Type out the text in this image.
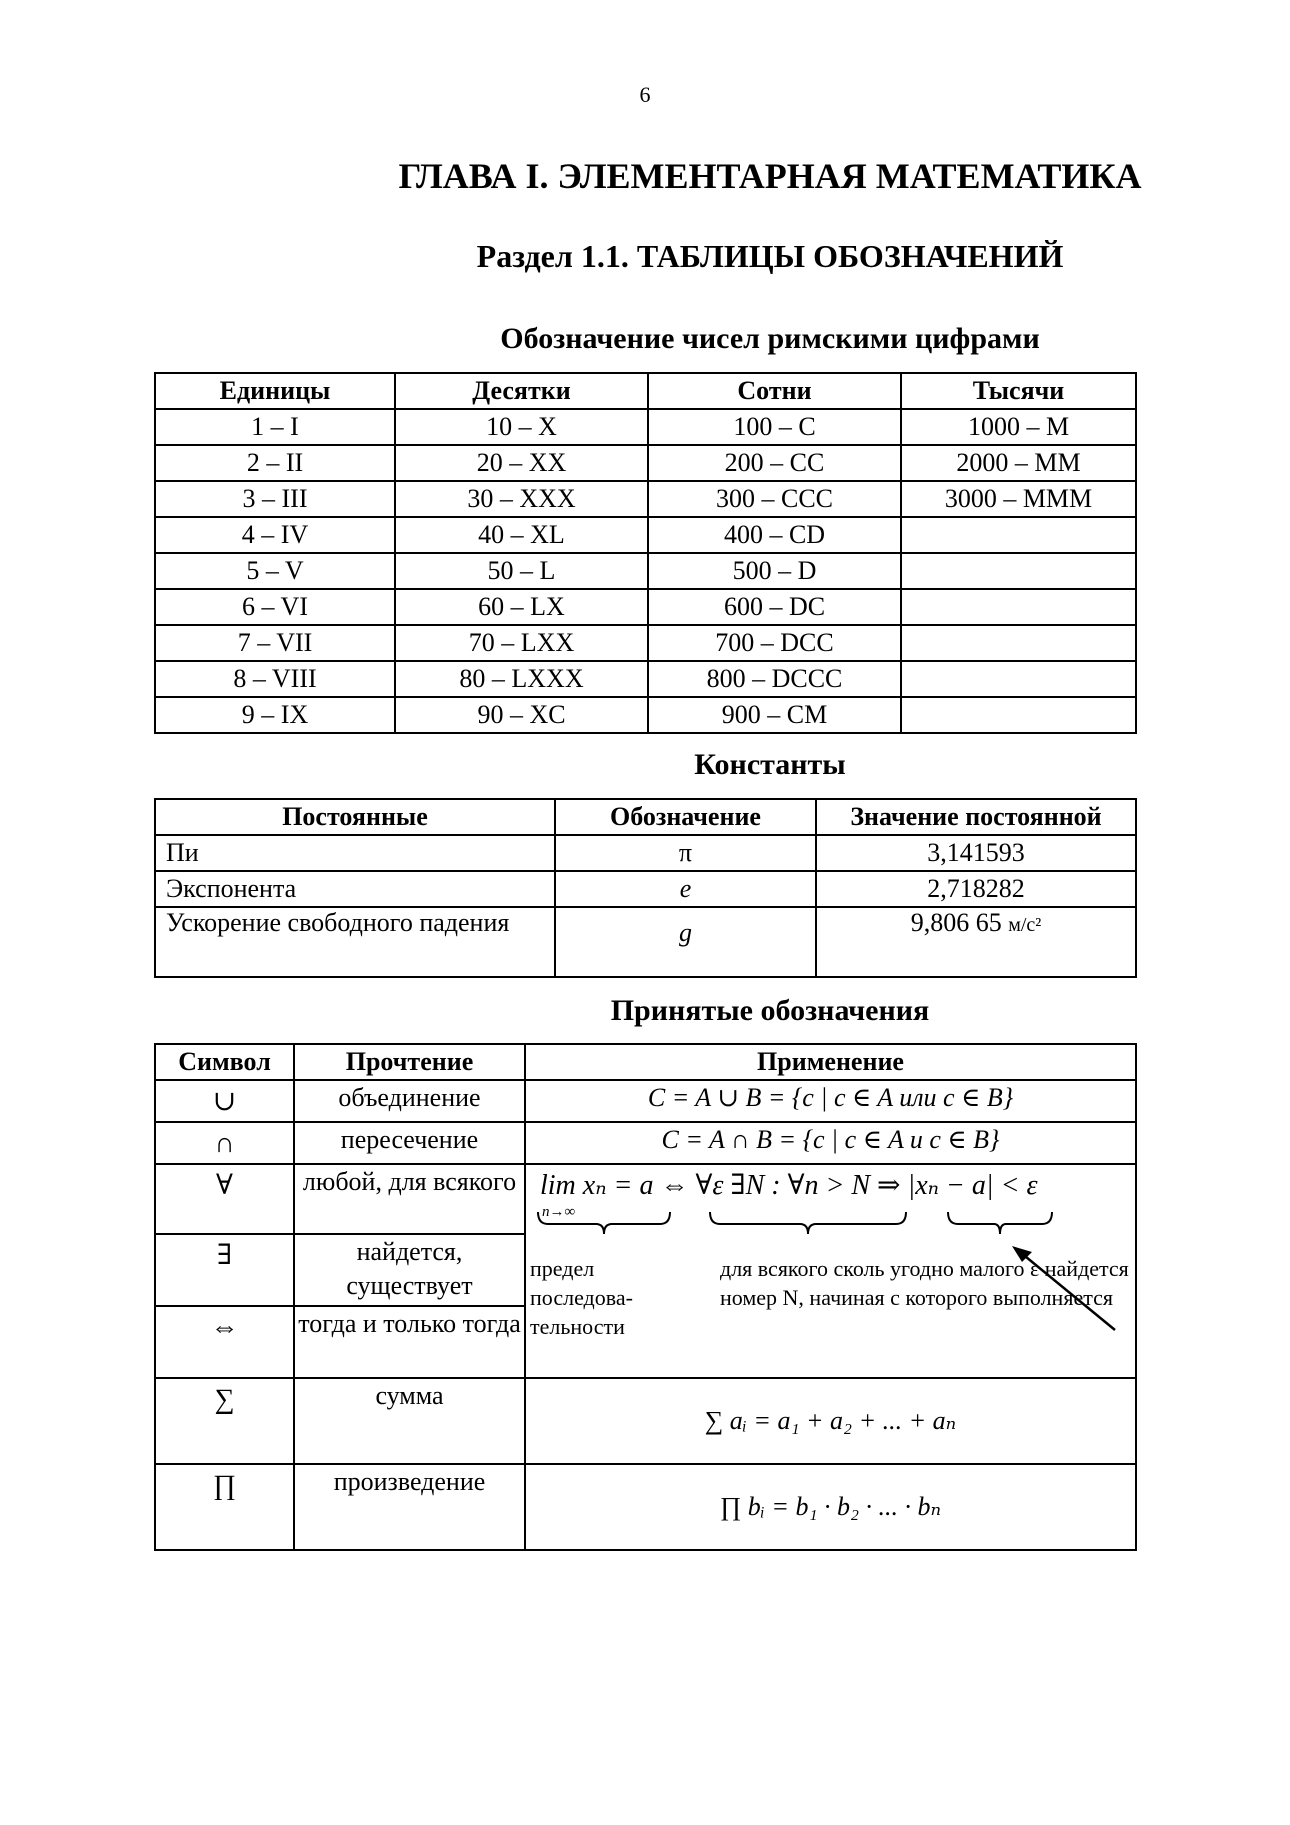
6
ГЛАВА I. ЭЛЕМЕНТАРНАЯ МАТЕМАТИКА
Раздел 1.1. ТАБЛИЦЫ ОБОЗНАЧЕНИЙ
Обозначение чисел римскими цифрами
Единицы	Десятки	Сотни	Тысячи
1 – I	10 – X	100 – C	1000 – M
2 – II	20 – XX	200 – CC	2000 – MM
3 – III	30 – XXX	300 – CCC	3000 – MMM
4 – IV	40 – XL	400 – CD	
5 – V	50 – L	500 – D	
6 – VI	60 – LX	600 – DC	
7 – VII	70 – LXX	700 – DCC	
8 – VIII	80 – LXXX	800 – DCCC	
9 – IX	90 – XC	900 – CM	
Константы
Постоянные	Обозначение	Значение постоянной
Пи	π	3,141593
Экспонента	e	2,718282
Ускорение свободного падения	g	9,806 65 м/с²
Принятые обозначения
Символ	Прочтение	Применение
∪	объединение	C = A ∪ B = {c | c ∈ A или c ∈ B}
∩	пересечение	C = A ∩ B = {c | c ∈ A и c ∈ B}
∀	любой, для всякого	
∃	найдется, существует	
⇔	тогда и только тогда	
∑	сумма	∑ aᵢ = a₁ + a₂ + ... + aₙ
∏	произведение	∏ bᵢ = b₁ · b₂ · ... · bₙ
lim xₙ = a ⇔ ∀ε ∃N : ∀n > N ⇒ |xₙ − a| < ε
n→∞
предел последова-тельности
для всякого сколь угодно малого ε найдется номер N, начиная с которого выполняется
